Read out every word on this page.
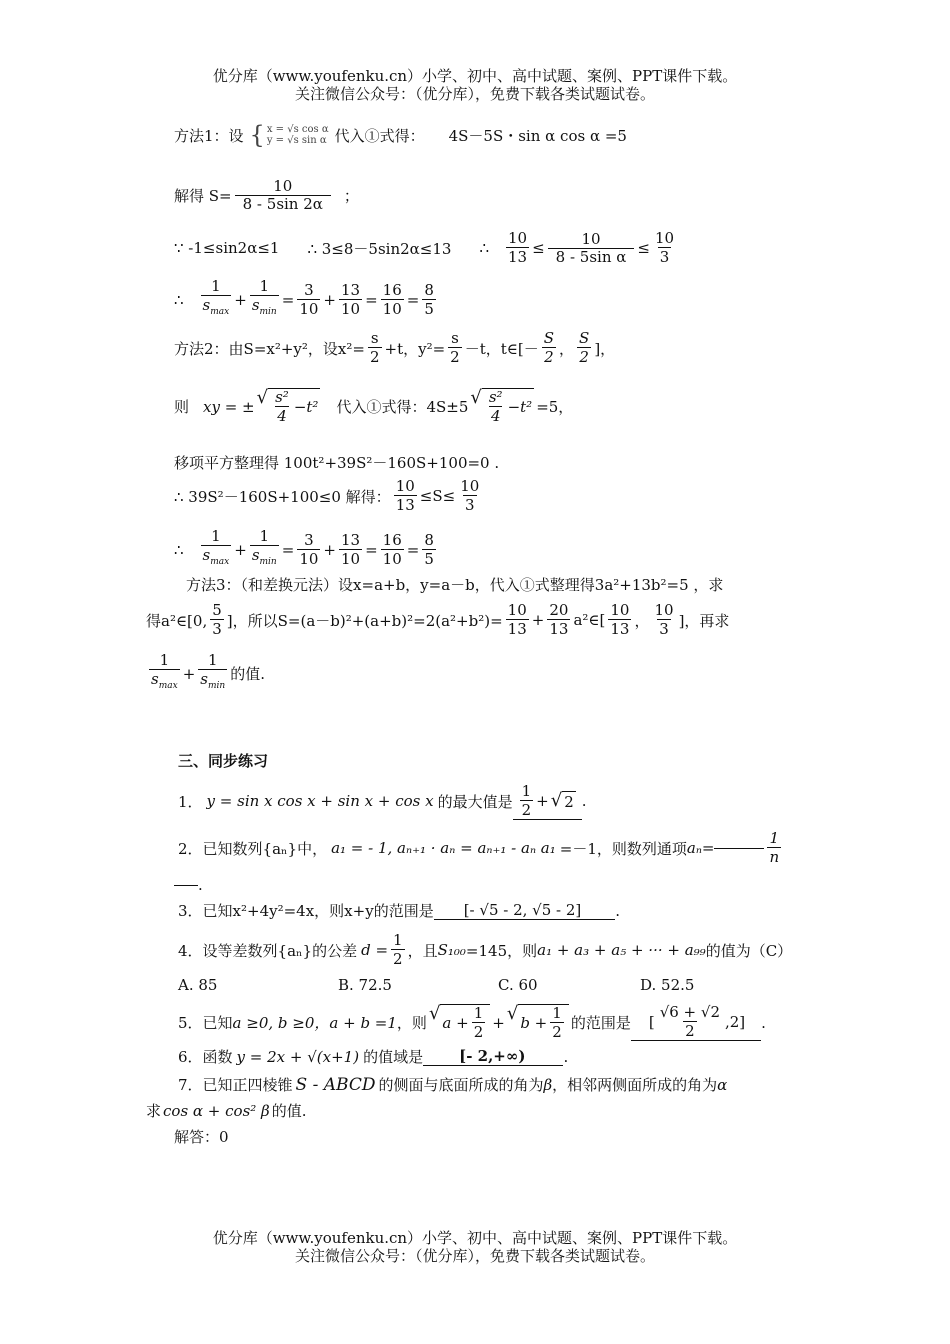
优分库（www.youfenku.cn）小学、初中、高中试题、案例、PPT课件下载。
关注微信公众号：（优分库），免费下载各类试题试卷。
方法1：设 { x = √s cos α
y = √s sin α 代入①式得： 4S－5S・sin α cos α =5
解得 $S= \frac{10}{8 - 5\sin 2\alpha}$ ；
∵ -1≤sin2α≤1 ∴ 3≤8－5sin2α≤13 ∴ $\frac{10}{13} \le \frac{10}{\text{8 - 5sin α}} \le \frac{10}{3}$
∴ $\frac{1}{s_{max}} + \frac{1}{s_{min}} = \frac{3}{10} + \frac{13}{10} = \frac{16}{10} = \frac{8}{5}$
方法2：由S=x²+y²，设$x^2= \frac{s}{2} +t$，$y^2= \frac{s}{2} -t$，t∈[－ $\frac{S}{2}$ ， $\frac{S}{2}$ ]，
则 xy = ± √ $\frac{\text{s²}}{4} -t^2$ 代入①式得：4S±5 √ $\frac{\text{s²}}{4} -t^2 =5$，
移项平方整理得 100t²+39S²－160S+100=0 .
∴ 39S²－160S+100≤0 解得： $\frac{10}{13} \le S\le \frac{10}{3}$
∴ $\frac{1}{s_{max}} + \frac{1}{s_{min}} = \frac{3}{10} + \frac{13}{10} = \frac{16}{10} = \frac{8}{5}$
方法3：（和差换元法）设x=a+b，y=a－b，代入①式整理得3a²+13b²=5 ，求
得a²∈[0, $\frac{5}{3}$ ]，所以$S=(a-b)^2+(a+b)^2=2(a^2+b^2)= \frac{10}{13} + \frac{20}{13}$ a²∈[ $\frac{10}{13}$ ， $\frac{10}{3}$ ]，再求
$\frac{1}{s_{max}} + \frac{1}{s_{min}}$ 的值.
三、同步练习
1． y = sin x cos x + sin x + cos x 的最大值是 $\frac{1}{2}$ + √ 2 .
2．已知数列{aₙ}中， a₁ = - 1, aₙ₊₁ · aₙ = aₙ₊₁ - aₙ a₁ =－1，则数列通项 aₙ =	$\frac{1}{n}$
.
3．已知x²+4y²=4x，则x+y的范围是	[- √5 - 2, √5 - 2]	.
4．设等差数列{aₙ}的公差 $d = \frac{1}{2}$ ，且 S₁₀₀ =145，则 a₁ + a₃ + a₅ + ··· + a₉₉ 的值为（C）
A. 85	B. 72.5	C. 60	D. 52.5
5．已知 a ≥0, b ≥0 ，a + b =1 ，则 √ $a + \frac{1}{2}$ + √ $b + \frac{1}{2}$ 的范围是 [ $\frac{√6 + √2}{2} ,2$] .
6．函数 y = 2x + √(x+1) 的值域是	[- 2,+∞)	.
7．已知正四棱锥 S - ABCD 的侧面与底面所成的角为 β ，相邻两侧面所成的角为 α
求 cos α + cos² β 的值.
解答：0
优分库（www.youfenku.cn）小学、初中、高中试题、案例、PPT课件下载。
关注微信公众号：（优分库），免费下载各类试题试卷。
